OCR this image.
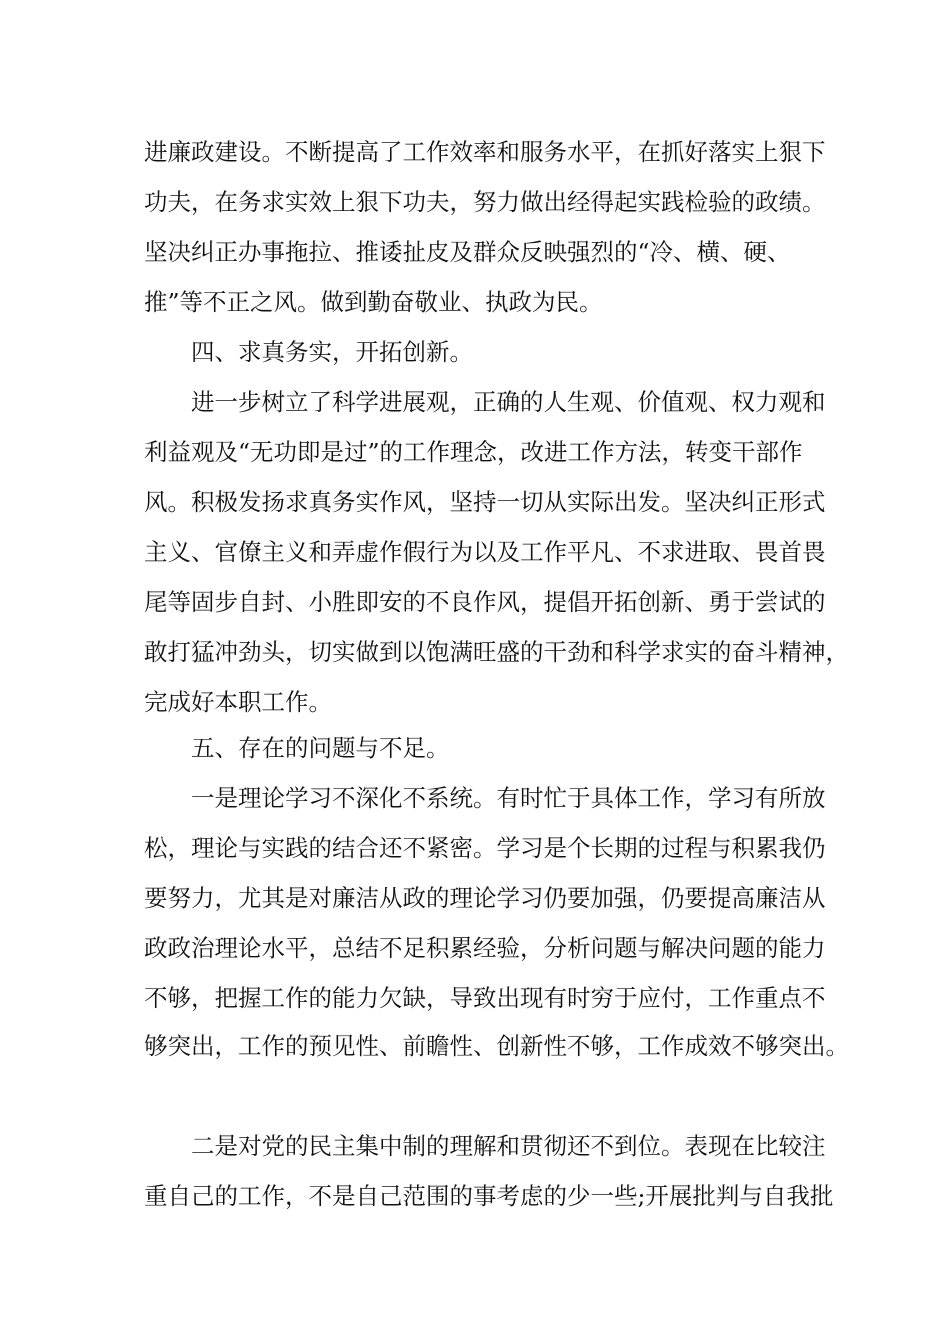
进廉政建设。不断提高了工作效率和服务水平，在抓好落实上狠下
功夫，在务求实效上狠下功夫，努力做出经得起实践检验的政绩。
坚决纠正办事拖拉、推诿扯皮及群众反映强烈的“冷、横、硬、
推”等不正之风。做到勤奋敬业、执政为民。
四、求真务实，开拓创新。
进一步树立了科学进展观，正确的人生观、价值观、权力观和
利益观及“无功即是过”的工作理念，改进工作方法，转变干部作
风。积极发扬求真务实作风，坚持一切从实际出发。坚决纠正形式
主义、官僚主义和弄虚作假行为以及工作平凡、不求进取、畏首畏
尾等固步自封、小胜即安的不良作风，提倡开拓创新、勇于尝试的
敢打猛冲劲头，切实做到以饱满旺盛的干劲和科学求实的奋斗精神，
完成好本职工作。
五、存在的问题与不足。
一是理论学习不深化不系统。有时忙于具体工作，学习有所放
松，理论与实践的结合还不紧密。学习是个长期的过程与积累我仍
要努力，尤其是对廉洁从政的理论学习仍要加强，仍要提高廉洁从
政政治理论水平，总结不足积累经验，分析问题与解决问题的能力
不够，把握工作的能力欠缺，导致出现有时穷于应付，工作重点不
够突出，工作的预见性、前瞻性、创新性不够，工作成效不够突出。
二是对党的民主集中制的理解和贯彻还不到位。表现在比较注
重自己的工作，不是自己范围的事考虑的少一些;开展批判与自我批
